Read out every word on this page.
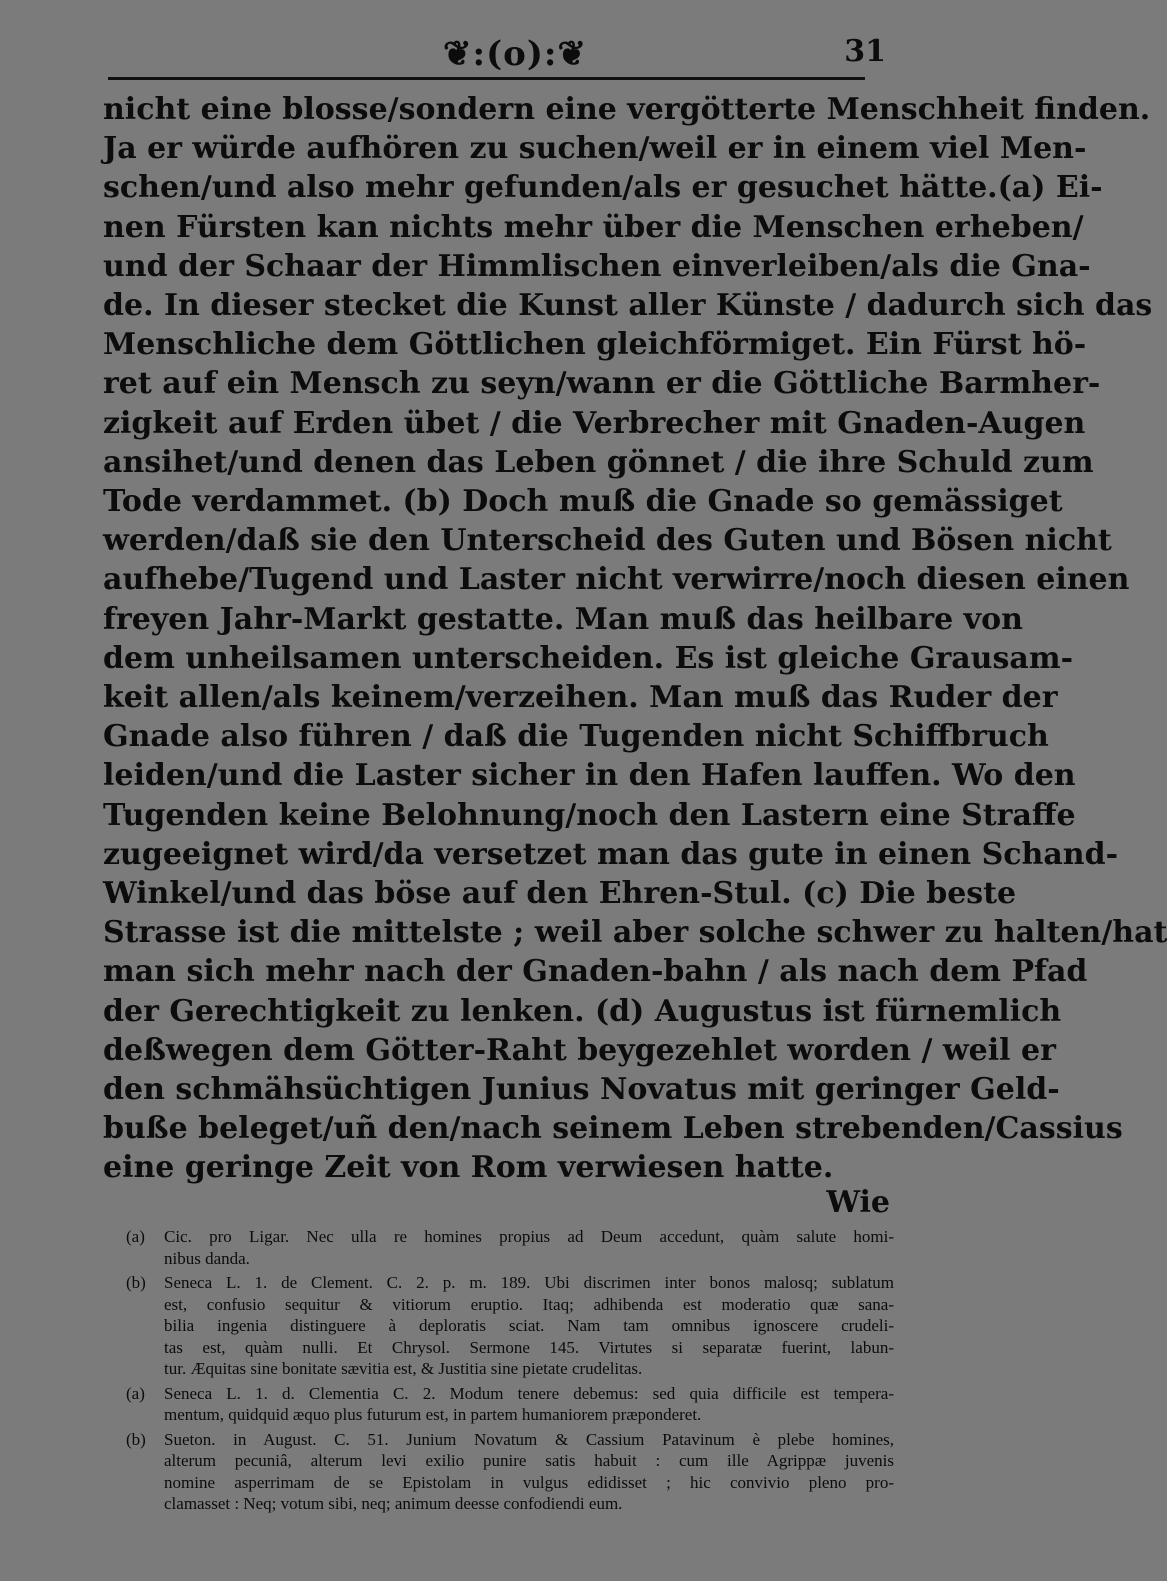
❦:(o):❦	31
nicht eine blosse/sondern eine vergötterte Menschheit finden.
Ja er würde aufhören zu suchen/weil er in einem viel Men‑
schen/und also mehr gefunden/als er gesuchet hätte.(a) Ei‑
nen Fürsten kan nichts mehr über die Menschen erheben/
und der Schaar der Himmlischen einverleiben/als die Gna‑
de. In dieser stecket die Kunst aller Künste / dadurch sich das
Menschliche dem Göttlichen gleichförmiget. Ein Fürst hö‑
ret auf ein Mensch zu seyn/wann er die Göttliche Barmher‑
zigkeit auf Erden übet / die Verbrecher mit Gnaden‑Augen
ansihet/und denen das Leben gönnet / die ihre Schuld zum
Tode verdammet. (b) Doch muß die Gnade so gemässiget
werden/daß sie den Unterscheid des Guten und Bösen nicht
aufhebe/Tugend und Laster nicht verwirre/noch diesen einen
freyen Jahr‑Markt gestatte. Man muß das heilbare von
dem unheilsamen unterscheiden. Es ist gleiche Grausam‑
keit allen/als keinem/verzeihen. Man muß das Ruder der
Gnade also führen / daß die Tugenden nicht Schiffbruch
leiden/und die Laster sicher in den Hafen lauffen. Wo den
Tugenden keine Belohnung/noch den Lastern eine Straffe
zugeeignet wird/da versetzet man das gute in einen Schand‑
Winkel/und das böse auf den Ehren‑Stul. (c) Die beste
Strasse ist die mittelste ; weil aber solche schwer zu halten/hat
man sich mehr nach der Gnaden‑bahn / als nach dem Pfad
der Gerechtigkeit zu lenken. (d) Augustus ist fürnemlich
deßwegen dem Götter‑Raht beygezehlet worden / weil er
den schmähsüchtigen Junius Novatus mit geringer Geld‑
buße beleget/uñ den/nach seinem Leben strebenden/Cassius
eine geringe Zeit von Rom verwiesen hatte.
Wie
(a) Cic. pro Ligar. Nec ulla re homines propius ad Deum accedunt, quàm salute homi‑
nibus danda.
(b) Seneca L. 1. de Clement. C. 2. p. m. 189. Ubi discrimen inter bonos malosq; sublatum
est, confusio sequitur & vitiorum eruptio. Itaq; adhibenda est moderatio quæ sana‑
bilia ingenia distinguere à deploratis sciat. Nam tam omnibus ignoscere crudeli‑
tas est, quàm nulli. Et Chrysol. Sermone 145. Virtutes si separatæ fuerint, labun‑
tur. Æquitas sine bonitate sævitia est, & Justitia sine pietate crudelitas.
(a) Seneca L. 1. d. Clementia C. 2. Modum tenere debemus: sed quia difficile est tempera‑
mentum, quidquid æquo plus futurum est, in partem humaniorem præponderet.
(b) Sueton. in August. C. 51. Junium Novatum & Cassium Patavinum è plebe homines,
alterum pecuniâ, alterum levi exilio punire satis habuit : cum ille Agrippæ juvenis
nomine asperrimam de se Epistolam in vulgus edidisset ; hic convivio pleno pro‑
clamasset : Neq; votum sibi, neq; animum deesse confodiendi eum.
